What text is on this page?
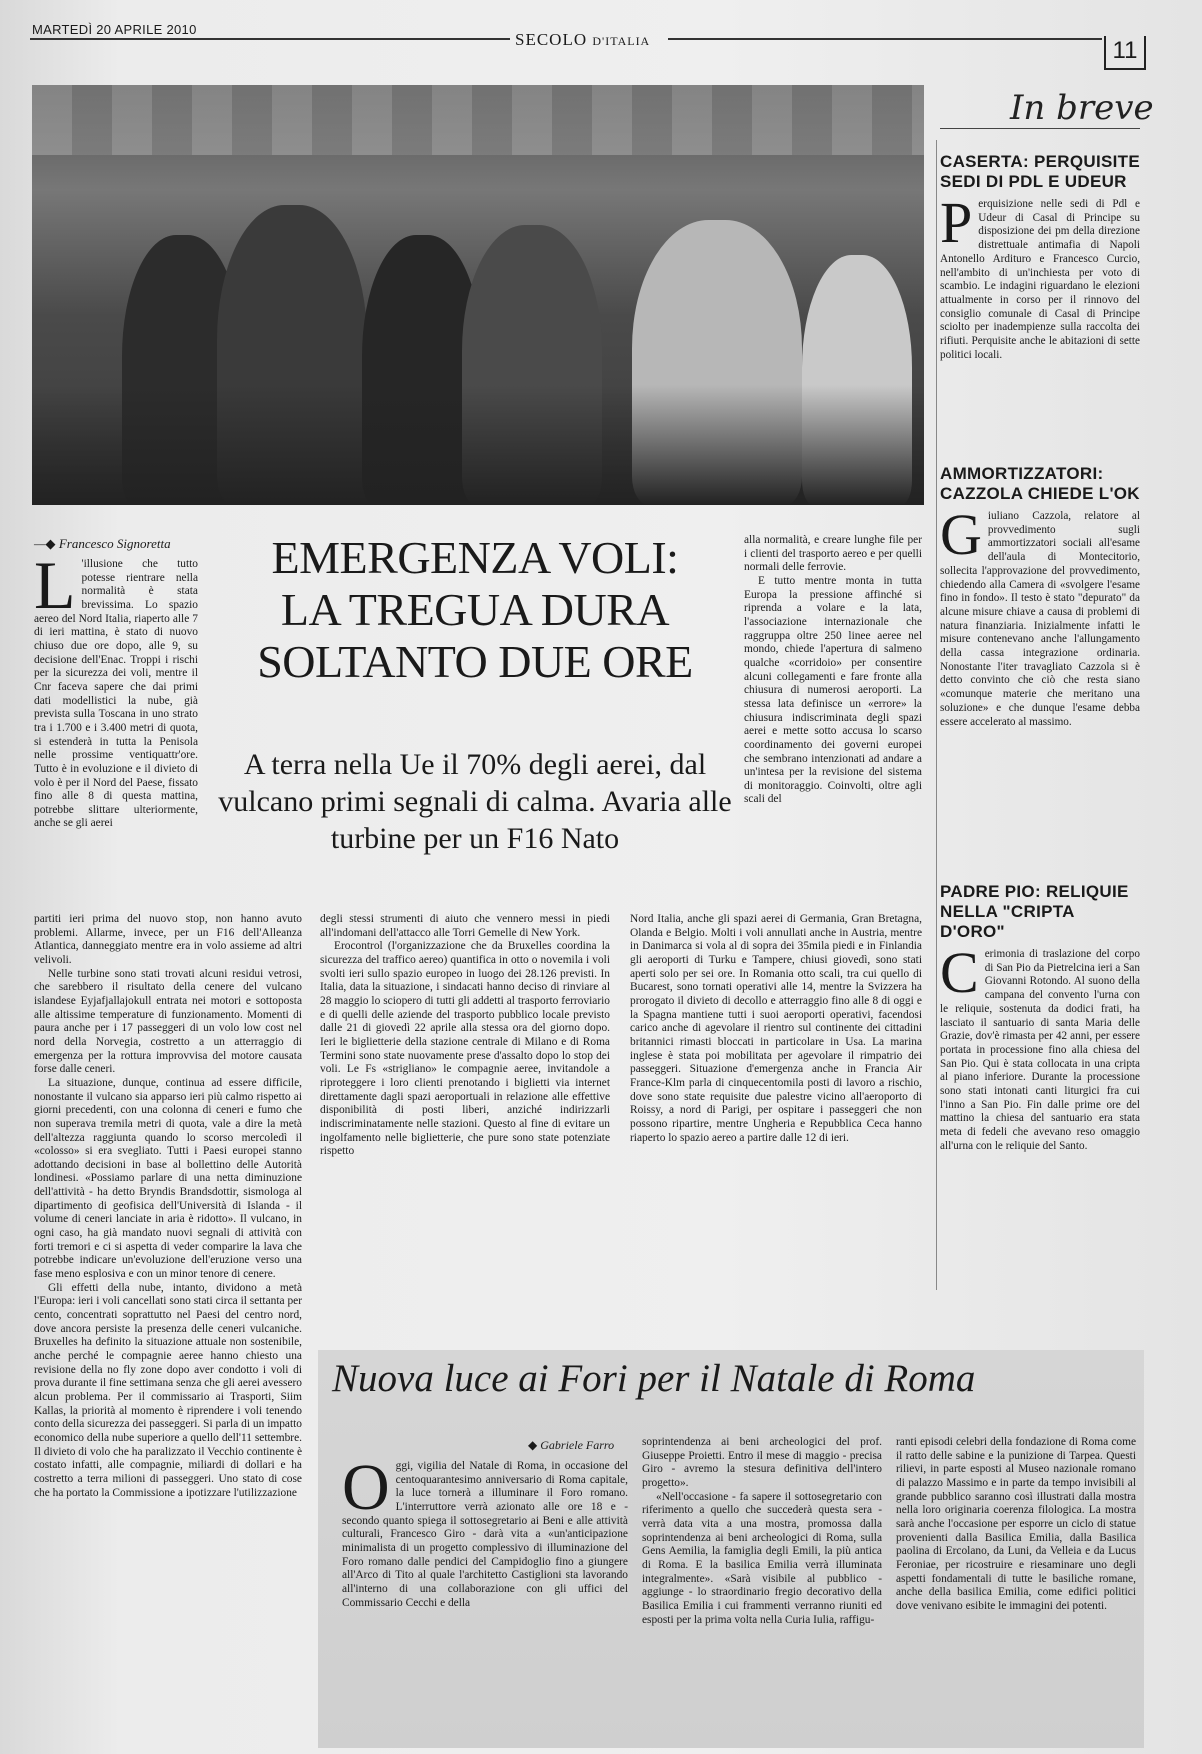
MARTEDÌ 20 APRILE 2010
SECOLO D'ITALIA	11
In breve
CASERTA: PERQUISITE SEDI DI PDL E UDEUR

Perquisizione nelle sedi di Pdl e Udeur di Casal di Principe su disposizione dei pm della direzione distrettuale antimafia di Napoli Antonello Ardituro e Francesco Curcio, nell'ambito di un'inchiesta per voto di scambio. Le indagini riguardano le elezioni attualmente in corso per il rinnovo del consiglio comunale di Casal di Principe sciolto per inadempienze sulla raccolta dei rifiuti. Perquisite anche le abitazioni di sette politici locali.

AMMORTIZZATORI: CAZZOLA CHIEDE L'OK

Giuliano Cazzola, relatore al provvedimento sugli ammortizzatori sociali all'esame dell'aula di Montecitorio, sollecita l'approvazione del provvedimento, chiedendo alla Camera di «svolgere l'esame fino in fondo». Il testo è stato "depurato" da alcune misure chiave a causa di problemi di natura finanziaria. Inizialmente infatti le misure contenevano anche l'allungamento della cassa integrazione ordinaria. Nonostante l'iter travagliato Cazzola si è detto convinto che ciò che resta siano «comunque materie che meritano una soluzione» e che dunque l'esame debba essere accelerato al massimo.

PADRE PIO: RELIQUIE NELLA "CRIPTA D'ORO"

Cerimonia di traslazione del corpo di San Pio da Pietrelcina ieri a San Giovanni Rotondo. Al suono della campana del convento l'urna con le reliquie, sostenuta da dodici frati, ha lasciato il santuario di santa Maria delle Grazie, dov'è rimasta per 42 anni, per essere portata in processione fino alla chiesa del San Pio. Qui è stata collocata in una cripta al piano inferiore. Durante la processione sono stati intonati canti liturgici fra cui l'inno a San Pio. Fin dalle prime ore del mattino la chiesa del santuario era stata meta di fedeli che avevano reso omaggio all'urna con le reliquie del Santo.

—◆ Francesco Signoretta	EMERGENZA VOLI:
LA TREGUA DURA
SOLTANTO DUE ORE

A terra nella Ue il 70% degli aerei, dal vulcano primi segnali di calma. Avaria alle turbine per un F16 Nato

L 'illusione che tutto potesse rientrare nella normalità è stata brevissima. Lo spazio aereo del Nord Italia, riaperto alle 7 di ieri mattina, è stato di nuovo chiuso due ore dopo, alle 9, su decisione dell'Enac. Troppi i rischi per la sicurezza dei voli, mentre il Cnr faceva sapere che dai primi dati modellistici la nube, già prevista sulla Toscana in uno strato tra i 1.700 e i 3.400 metri di quota, si estenderà in tutta la Penisola nelle prossime ventiquattr'ore. Tutto è in evoluzione e il divieto di volo è per il Nord del Paese, fissato fino alle 8 di questa mattina, potrebbe slittare ulteriormente, anche se gli aerei

partiti ieri prima del nuovo stop, non hanno avuto problemi. Allarme, invece, per un F16 dell'Alleanza Atlantica, danneggiato mentre era in volo assieme ad altri velivoli.

Nelle turbine sono stati trovati alcuni residui vetrosi, che sarebbero il risultato della cenere del vulcano islandese Eyjafjallajokull entrata nei motori e sottoposta alle altissime temperature di funzionamento. Momenti di paura anche per i 17 passeggeri di un volo low cost nel nord della Norvegia, costretto a un atterraggio di emergenza per la rottura improvvisa del motore causata forse dalle ceneri.

La situazione, dunque, continua ad essere difficile, nonostante il vulcano sia apparso ieri più calmo rispetto ai giorni precedenti, con una colonna di ceneri e fumo che non superava tremila metri di quota, vale a dire la metà dell'altezza raggiunta quando lo scorso mercoledì il «colosso» si era svegliato. Tutti i Paesi europei stanno adottando decisioni in base al bollettino delle Autorità londinesi. «Possiamo parlare di una netta diminuzione dell'attività - ha detto Bryndis Brandsdottir, sismologa al dipartimento di geofisica dell'Università di Islanda - il volume di ceneri lanciate in aria è ridotto». Il vulcano, in ogni caso, ha già mandato nuovi segnali di attività con forti tremori e ci si aspetta di veder comparire la lava che potrebbe indicare un'evoluzione dell'eruzione verso una fase meno esplosiva e con un minor tenore di cenere.

Gli effetti della nube, intanto, dividono a metà l'Europa: ieri i voli cancellati sono stati circa il settanta per cento, concentrati soprattutto nel Paesi del centro nord, dove ancora persiste la presenza delle ceneri vulcaniche. Bruxelles ha definito la situazione attuale non sostenibile, anche perché le compagnie aeree hanno chiesto una revisione della no fly zone dopo aver condotto i voli di prova durante il fine settimana senza che gli aerei avessero alcun problema. Per il commissario ai Trasporti, Siim Kallas, la priorità al momento è riprendere i voli tenendo conto della sicurezza dei passeggeri. Si parla di un impatto economico della nube superiore a quello dell'11 settembre. Il divieto di volo che ha paralizzato il Vecchio continente è costato infatti, alle compagnie, miliardi di dollari e ha costretto a terra milioni di passeggeri. Uno stato di cose che ha portato la Commissione a ipotizzare l'utilizzazione

degli stessi strumenti di aiuto che vennero messi in piedi all'indomani dell'attacco alle Torri Gemelle di New York.

Erocontrol (l'organizzazione che da Bruxelles coordina la sicurezza del traffico aereo) quantifica in otto o novemila i voli svolti ieri sullo spazio europeo in luogo dei 28.126 previsti. In Italia, data la situazione, i sindacati hanno deciso di rinviare al 28 maggio lo sciopero di tutti gli addetti al trasporto ferroviario e di quelli delle aziende del trasporto pubblico locale previsto dalle 21 di giovedì 22 aprile alla stessa ora del giorno dopo. Ieri le biglietterie della stazione centrale di Milano e di Roma Termini sono state nuovamente prese d'assalto dopo lo stop dei voli. Le Fs «strigliano» le compagnie aeree, invitandole a riproteggere i loro clienti prenotando i biglietti via internet direttamente dagli spazi aeroportuali in relazione alle effettive disponibilità di posti liberi, anziché indirizzarli indiscriminatamente nelle stazioni. Questo al fine di evitare un ingolfamento nelle biglietterie, che pure sono state potenziate rispetto

alla normalità, e creare lunghe file per i clienti del trasporto aereo e per quelli normali delle ferrovie.

E tutto mentre monta in tutta Europa la pressione affinché si riprenda a volare e la lata, l'associazione internazionale che raggruppa oltre 250 linee aeree nel mondo, chiede l'apertura di salmeno qualche «corridoio» per consentire alcuni collegamenti e fare fronte alla chiusura di numerosi aeroporti. La stessa lata definisce un «errore» la chiusura indiscriminata degli spazi aerei e mette sotto accusa lo scarso coordinamento dei governi europei che sembrano intenzionati ad andare a un'intesa per la revisione del sistema di monitoraggio. Coinvolti, oltre agli scali del

Nord Italia, anche gli spazi aerei di Germania, Gran Bretagna, Olanda e Belgio. Molti i voli annullati anche in Austria, mentre in Danimarca si vola al di sopra dei 35mila piedi e in Finlandia gli aeroporti di Turku e Tampere, chiusi giovedì, sono stati aperti solo per sei ore. In Romania otto scali, tra cui quello di Bucarest, sono tornati operativi alle 14, mentre la Svizzera ha prorogato il divieto di decollo e atterraggio fino alle 8 di oggi e la Spagna mantiene tutti i suoi aeroporti operativi, facendosi carico anche di agevolare il rientro sul continente dei cittadini britannici rimasti bloccati in particolare in Usa. La marina inglese è stata poi mobilitata per agevolare il rimpatrio dei passeggeri. Situazione d'emergenza anche in Francia Air France-Klm parla di cinquecentomila posti di lavoro a rischio, dove sono state requisite due palestre vicino all'aeroporto di Roissy, a nord di Parigi, per ospitare i passeggeri che non possono ripartire, mentre Ungheria e Repubblica Ceca hanno riaperto lo spazio aereo a partire dalle 12 di ieri.

Nuova luce ai Fori per il Natale di Roma
◆ Gabriele Farro

Oggi, vigilia del Natale di Roma, in occasione del centoquarantesimo anniversario di Roma capitale, la luce tornerà a illuminare il Foro romano. L'interruttore verrà azionato alle ore 18 e - secondo quanto spiega il sottosegretario ai Beni e alle attività culturali, Francesco Giro - darà vita a «un'anticipazione minimalista di un progetto complessivo di illuminazione del Foro romano dalle pendici del Campidoglio fino a giungere all'Arco di Tito al quale l'architetto Castiglioni sta lavorando all'interno di una collaborazione con gli uffici del Commissario Cecchi e della

soprintendenza ai beni archeologici del prof. Giuseppe Proietti. Entro il mese di maggio - precisa Giro - avremo la stesura definitiva dell'intero progetto».

«Nell'occasione - fa sapere il sottosegretario con riferimento a quello che succederà questa sera - verrà data vita a una mostra, promossa dalla soprintendenza ai beni archeologici di Roma, sulla Gens Aemilia, la famiglia degli Emili, la più antica di Roma. E la basilica Emilia verrà illuminata integralmente». «Sarà visibile al pubblico - aggiunge - lo straordinario fregio decorativo della Basilica Emilia i cui frammenti verranno riuniti ed esposti per la prima volta nella Curia Iulia, raffigu-

ranti episodi celebri della fondazione di Roma come il ratto delle sabine e la punizione di Tarpea. Questi rilievi, in parte esposti al Museo nazionale romano di palazzo Massimo e in parte da tempo invisibili al grande pubblico saranno così illustrati dalla mostra nella loro originaria coerenza filologica. La mostra sarà anche l'occasione per esporre un ciclo di statue provenienti dalla Basilica Emilia, dalla Basilica paolina di Ercolano, da Luni, da Velleia e da Lucus Feroniae, per ricostruire e riesaminare uno degli aspetti fondamentali di tutte le basiliche romane, anche della basilica Emilia, come edifici politici dove venivano esibite le immagini dei potenti.
